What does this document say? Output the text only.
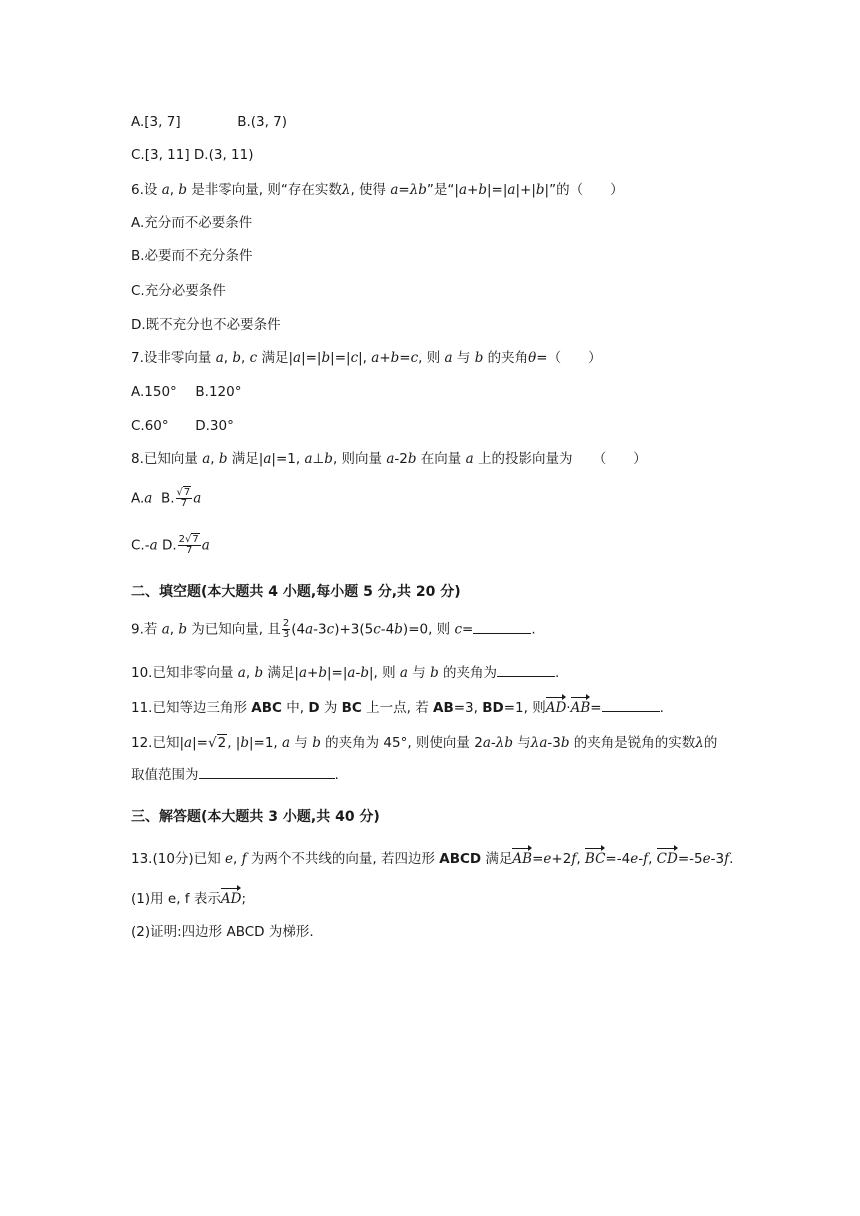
A.[3, 7]	B.(3, 7)
C.[3, 11] D.(3, 11)
6.设 a, b 是非零向量, 则“存在实数λ, 使得 a=λb”是“|a+b|=|a|+|b|”的（　　）
A.充分而不必要条件
B.必要而不充分条件
C.充分必要条件
D.既不充分也不必要条件
7.设非零向量 a, b, c 满足|a|=|b|=|c|, a+b=c, 则 a 与 b 的夹角θ=（　　）
A.150° B.120°
C.60° D.30°
8.已知向量 a, b 满足|a|=1, a⊥b, 则向量 a-2b 在向量 a 上的投影向量为　　（　　）
A.a  B. $\frac{√7}{7}$ a
C.-a D. $\frac{2√7}{7}$ a
二、填空题(本大题共 4 小题,每小题 5 分,共 20 分)
9.若 a, b 为已知向量, 且 $\frac{2}{3} (4a-3c)+3(5c-4b)=0$, 则 c=	.
10.已知非零向量 a, b 满足|a+b|=|a-b|, 则 a 与 b 的夹角为	.
11.已知等边三角形 ABC 中, D 为 BC 上一点, 若 AB=3, BD=1, 则AD·AB=	.
12.已知|a|=√2, |b|=1, a 与 b 的夹角为 45°, 则使向量 2a-λb 与λa-3b 的夹角是锐角的实数λ的
取值范围为	.
三、解答题(本大题共 3 小题,共 40 分)
13.(10分)已知 e, f 为两个不共线的向量, 若四边形 ABCD 满足AB=e+2f, BC=-4e-f, CD=-5e-3f.
(1)用 e, f 表示AD;
(2)证明:四边形 ABCD 为梯形.
